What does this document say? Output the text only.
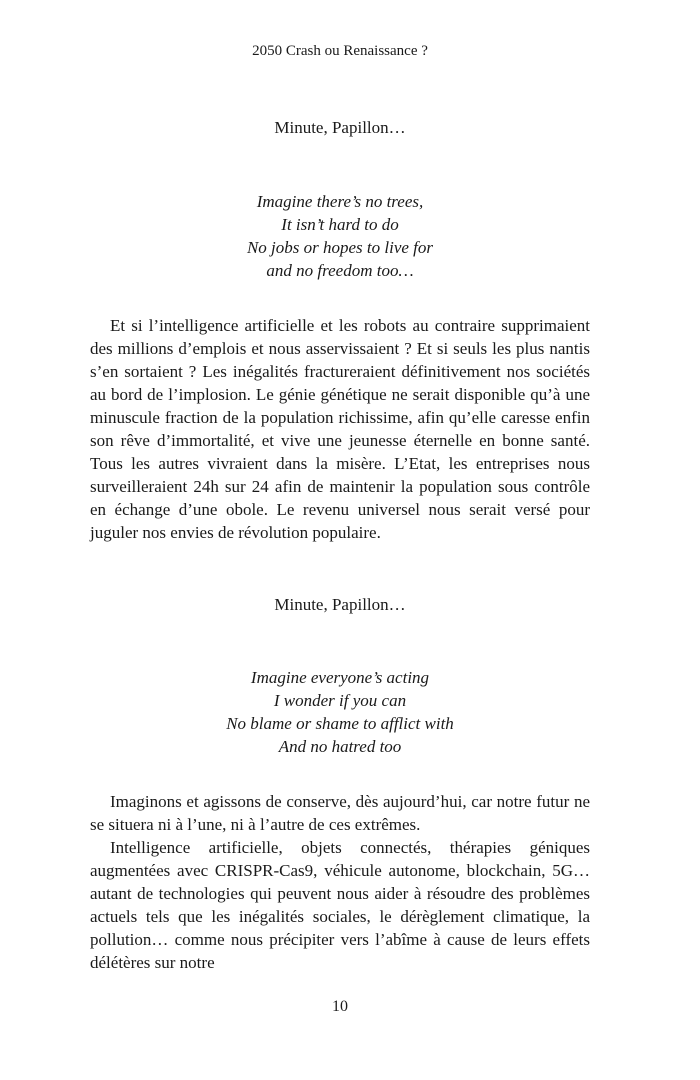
2050 Crash ou Renaissance ?
Minute, Papillon…
Imagine there’s no trees,
It isn’t hard to do
No jobs or hopes to live for
and no freedom too…

Et si l’intelligence artificielle et les robots au contraire supprimaient des millions d’emplois et nous asservissaient ? Et si seuls les plus nantis s’en sortaient ? Les inégalités fractureraient définitivement nos sociétés au bord de l’implosion. Le génie génétique ne serait disponible qu’à une minuscule fraction de la population richissime, afin qu’elle caresse enfin son rêve d’immortalité, et vive une jeunesse éternelle en bonne santé. Tous les autres vivraient dans la misère. L’Etat, les entreprises nous surveilleraient 24h sur 24 afin de maintenir la population sous contrôle en échange d’une obole. Le revenu universel nous serait versé pour juguler nos envies de révolution populaire.

Minute, Papillon…
Imagine everyone’s acting
I wonder if you can
No blame or shame to afflict with
And no hatred too

Imaginons et agissons de conserve, dès aujourd’hui, car notre futur ne se situera ni à l’une, ni à l’autre de ces extrêmes.

Intelligence artificielle, objets connectés, thérapies géniques augmentées avec CRISPR-Cas9, véhicule autonome, blockchain, 5G… autant de technologies qui peuvent nous aider à résoudre des problèmes actuels tels que les inégalités sociales, le dérèglement climatique, la pollution… comme nous précipiter vers l’abîme à cause de leurs effets délétères sur notre

10
